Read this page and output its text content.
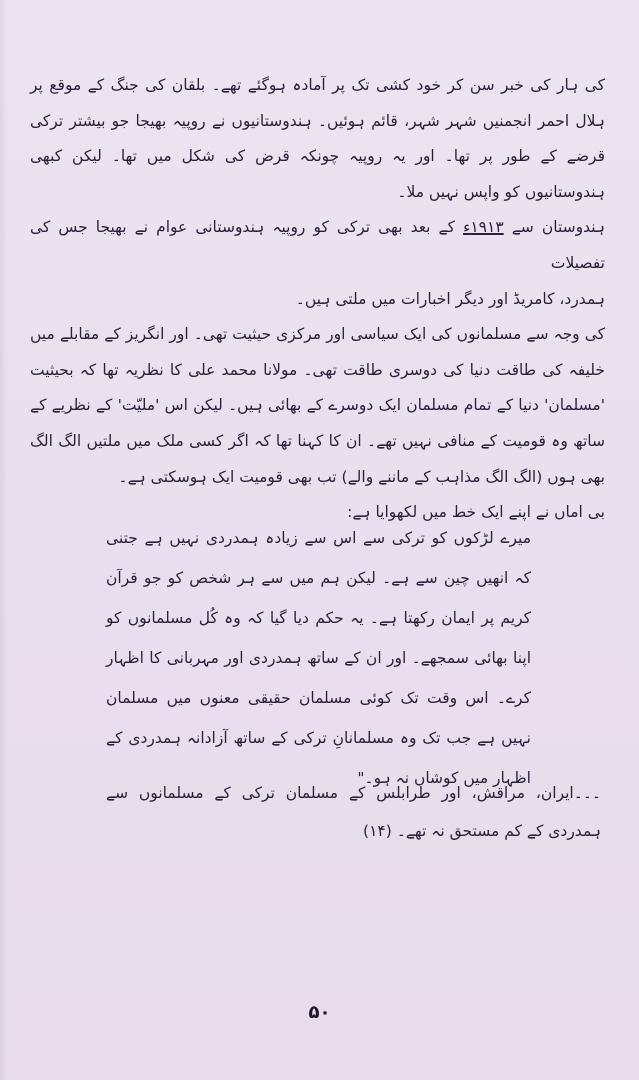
کی ہار کی خبر سن کر خود کشی تک پر آمادہ ہوگئے تھے۔ بلقان کی جنگ کے موقع پر ہلال احمر انجمنیں شہر شہر، قائم ہوئیں۔ ہندوستانیوں نے روپیہ بھیجا جو بیشتر ترکی قرضے کے طور پر تھا۔ اور یہ روپیہ چونکہ قرض کی شکل میں تھا۔ لیکن کبھی ہندوستانیوں کو واپس نہیں ملا۔

ہندوستان سے ۱۹۱۳ء کے بعد بھی ترکی کو روپیہ ہندوستانی عوام نے بھیجا جس کی تفصیلات

ہمدرد، کامریڈ اور دیگر اخبارات میں ملتی ہیں۔

کی وجہ سے مسلمانوں کی ایک سیاسی اور مرکزی حیثیت تھی۔ اور انگریز کے مقابلے میں خلیفہ کی طاقت دنیا کی دوسری طاقت تھی۔ مولانا محمد علی کا نظریہ تھا کہ بحیثیت 'مسلمان' دنیا کے تمام مسلمان ایک دوسرے کے بھائی ہیں۔ لیکن اس 'ملیّت' کے نظریے کے ساتھ وہ قومیت کے منافی نہیں تھے۔ ان کا کہنا تھا کہ اگر کسی ملک میں ملتیں الگ الگ بھی ہوں (الگ الگ مذاہب کے ماننے والے) تب بھی قومیت ایک ہوسکتی ہے۔

بی اماں نے اپنے ایک خط میں لکھوایا ہے:

میرے لڑکوں کو ترکی سے اس سے زیادہ ہمدردی نہیں ہے جتنی کہ انھیں چین سے ہے۔ لیکن ہم میں سے ہر شخص کو جو قرآن کریم پر ایمان رکھتا ہے۔ یہ حکم دیا گیا کہ وہ کُل مسلمانوں کو اپنا بھائی سمجھے۔ اور ان کے ساتھ ہمدردی اور مہربانی کا اظہار کرے۔ اس وقت تک کوئی مسلمان حقیقی معنوں میں مسلمان نہیں ہے جب تک وہ مسلمانانِ ترکی کے ساتھ آزادانہ ہمدردی کے اظہار میں کوشاں نہ ہو۔"

۔۔۔ایران، مراقش، اور طرابلس کے مسلمان ترکی کے مسلمانوں سے ہمدردی کے کم مستحق نہ تھے۔ (۱۴)

۵۰
